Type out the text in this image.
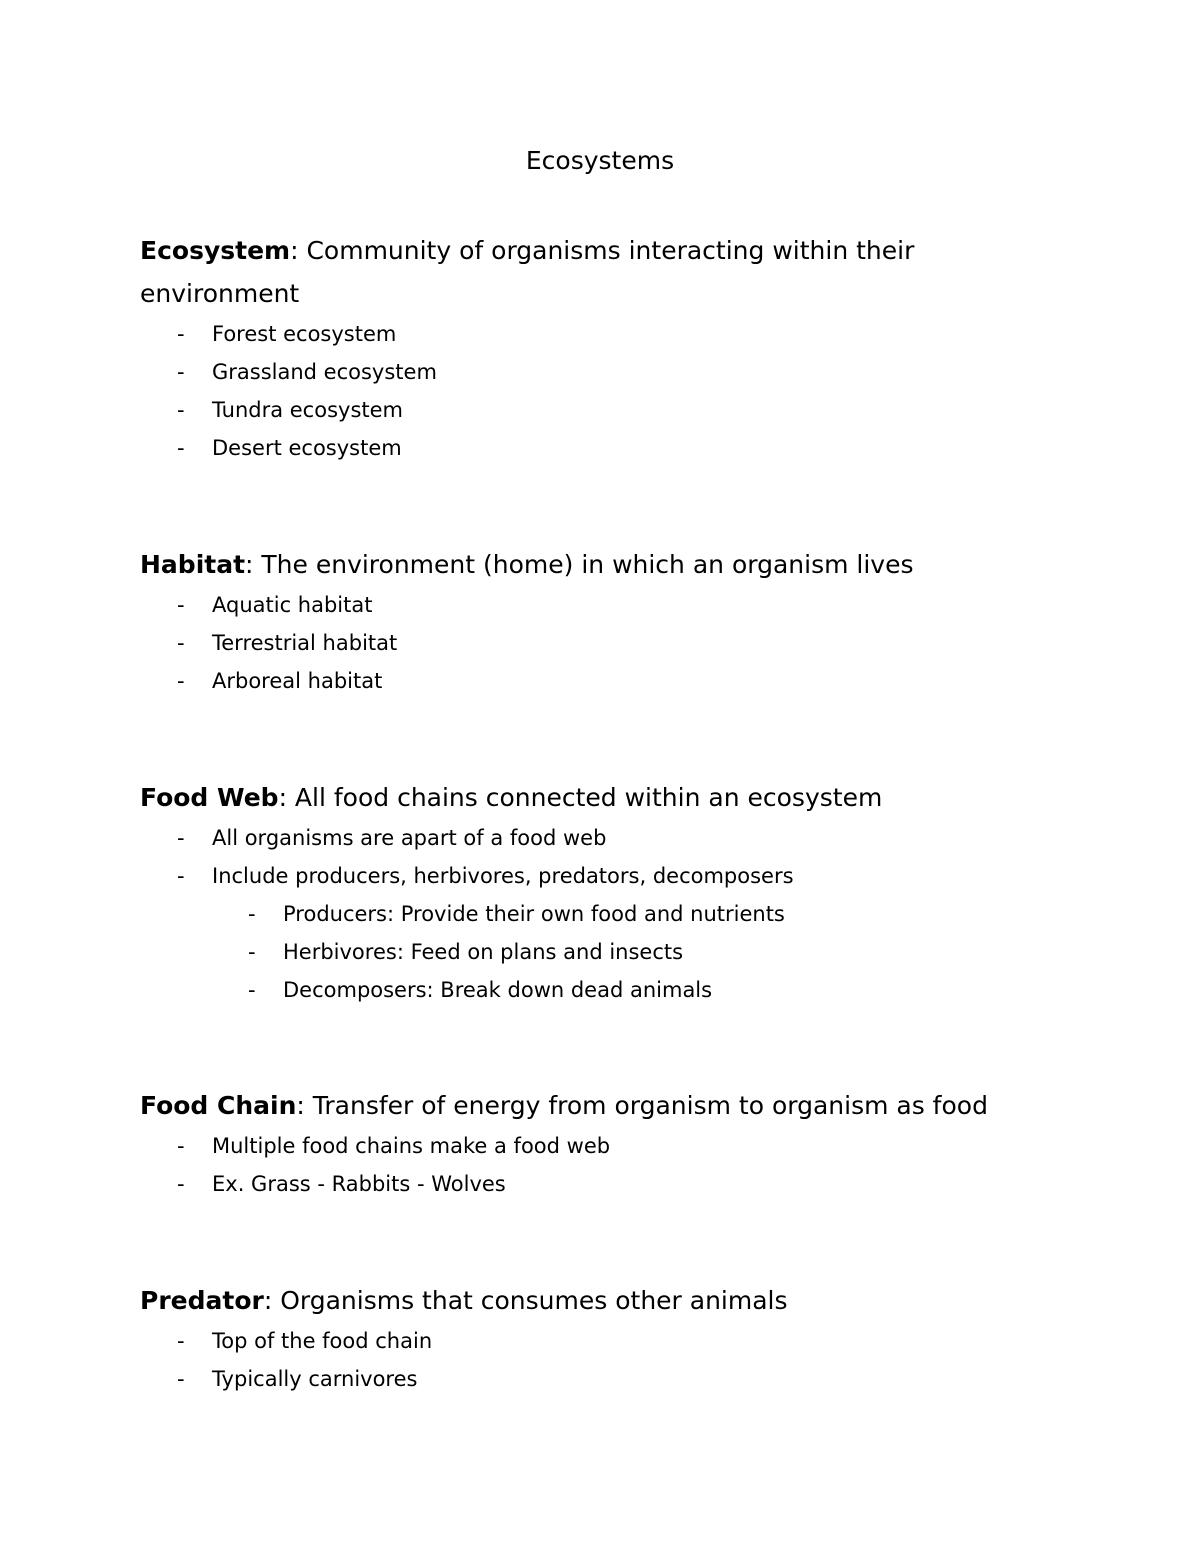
Ecosystems

Ecosystem: Community of organisms interacting within their environment

- Forest ecosystem
- Grassland ecosystem
- Tundra ecosystem
- Desert ecosystem

Habitat: The environment (home) in which an organism lives

- Aquatic habitat
- Terrestrial habitat
- Arboreal habitat

Food Web: All food chains connected within an ecosystem

- All organisms are apart of a food web
- Include producers, herbivores, predators, decomposers
- Producers: Provide their own food and nutrients
- Herbivores: Feed on plans and insects
- Decomposers: Break down dead animals

Food Chain: Transfer of energy from organism to organism as food

- Multiple food chains make a food web
- Ex. Grass - Rabbits - Wolves

Predator: Organisms that consumes other animals

- Top of the food chain
- Typically carnivores
